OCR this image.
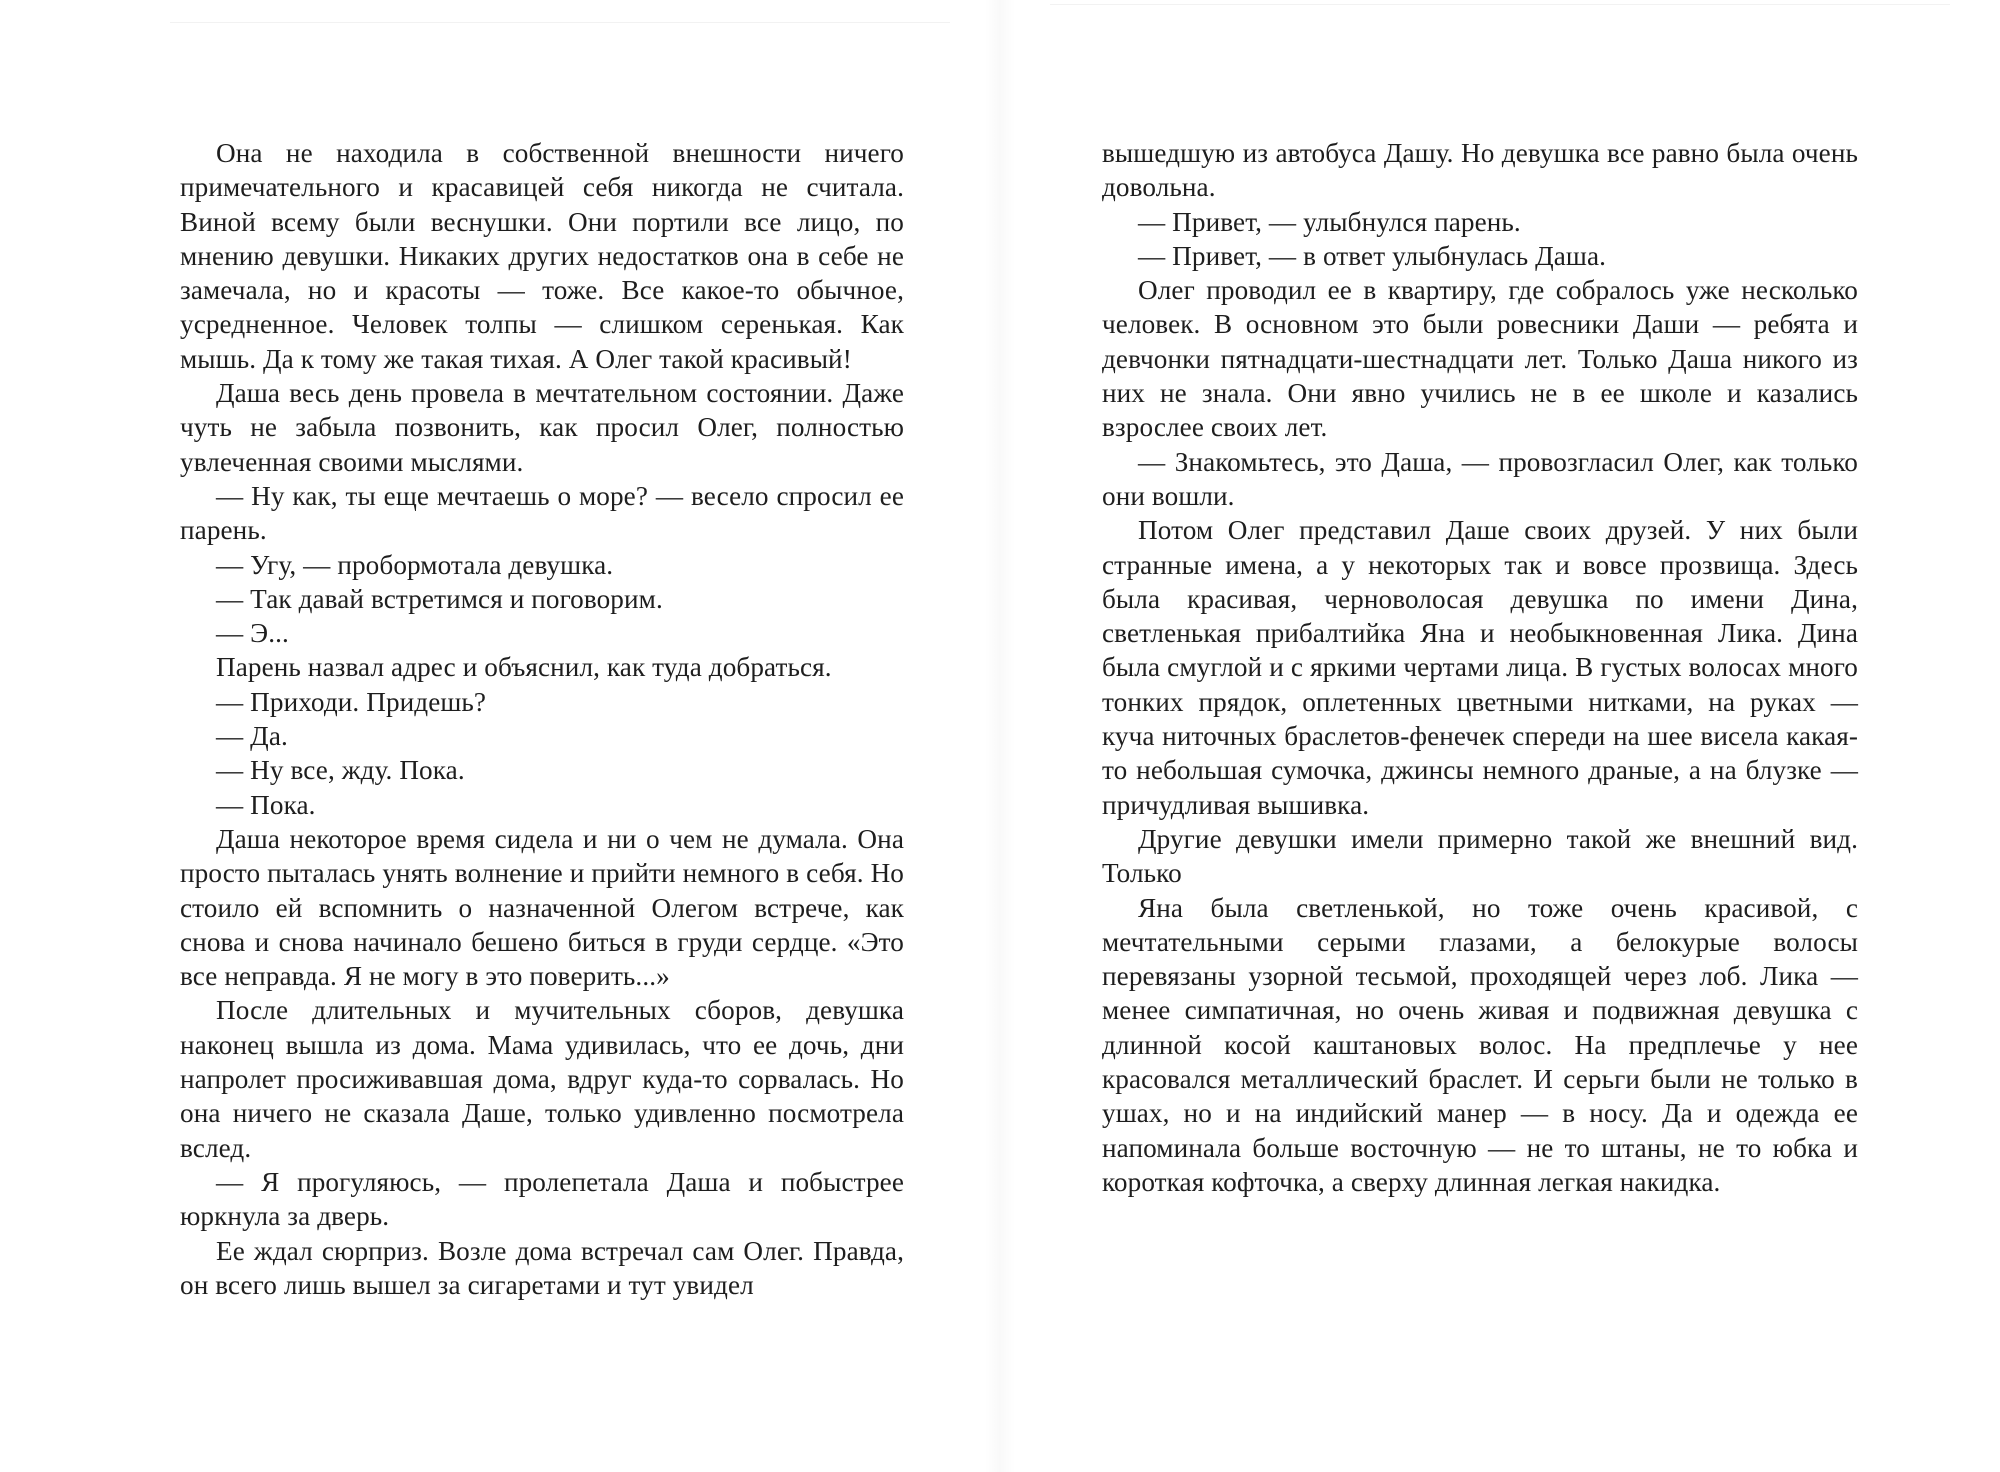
Она не находила в собственной внешности ничего примечательного и красавицей себя никогда не считала. Виной всему были веснушки. Они портили все лицо, по мнению девушки. Никаких других недостатков она в себе не замечала, но и красоты — тоже. Все какое-то обычное, усредненное. Человек толпы — слишком серенькая. Как мышь. Да к тому же такая тихая. А Олег такой красивый!

Даша весь день провела в мечтательном состоянии. Даже чуть не забыла позвонить, как просил Олег, полностью увлеченная своими мыслями.

— Ну как, ты еще мечтаешь о море? — весело спросил ее парень.

— Угу, — пробормотала девушка.

— Так давай встретимся и поговорим.

— Э...

Парень назвал адрес и объяснил, как туда добраться.

— Приходи. Придешь?

— Да.

— Ну все, жду. Пока.

— Пока.

Даша некоторое время сидела и ни о чем не думала. Она просто пыталась унять волнение и прийти немного в себя. Но стоило ей вспомнить о назначенной Олегом встрече, как снова и снова начинало бешено биться в груди сердце. «Это все неправда. Я не могу в это поверить...»

После длительных и мучительных сборов, девушка наконец вышла из дома. Мама удивилась, что ее дочь, дни напролет просиживавшая дома, вдруг куда-то сорвалась. Но она ничего не сказала Даше, только удивленно посмотрела вслед.

— Я прогуляюсь, — пролепетала Даша и побыстрее юркнула за дверь.

Ее ждал сюрприз. Возле дома встречал сам Олег. Правда, он всего лишь вышел за сигаретами и тут увидел

вышедшую из автобуса Дашу. Но девушка все равно была очень довольна.

— Привет, — улыбнулся парень.

— Привет, — в ответ улыбнулась Даша.

Олег проводил ее в квартиру, где собралось уже несколько человек. В основном это были ровесники Даши — ребята и девчонки пятнадцати-шестнадцати лет. Только Даша никого из них не знала. Они явно учились не в ее школе и казались взрослее своих лет.

— Знакомьтесь, это Даша, — провозгласил Олег, как только они вошли.

Потом Олег представил Даше своих друзей. У них были странные имена, а у некоторых так и вовсе прозвища. Здесь была красивая, черноволосая девушка по имени Дина, светленькая прибалтийка Яна и необыкновенная Лика. Дина была смуглой и с яркими чертами лица. В густых волосах много тонких прядок, оплетенных цветными нитками, на руках — куча ниточных браслетов-фенечек спереди на шее висела какая-то небольшая сумочка, джинсы немного драные, а на блузке — причудливая вышивка.

Другие девушки имели примерно такой же внешний вид. Только

Яна была светленькой, но тоже очень красивой, с мечтательными серыми глазами, а белокурые волосы перевязаны узорной тесьмой, проходящей через лоб. Лика — менее симпатичная, но очень живая и подвижная девушка с длинной косой каштановых волос. На предплечье у нее красовался металлический браслет. И серьги были не только в ушах, но и на индийский манер — в носу. Да и одежда ее напоминала больше восточную — не то штаны, не то юбка и короткая кофточка, а сверху длинная легкая накидка.
